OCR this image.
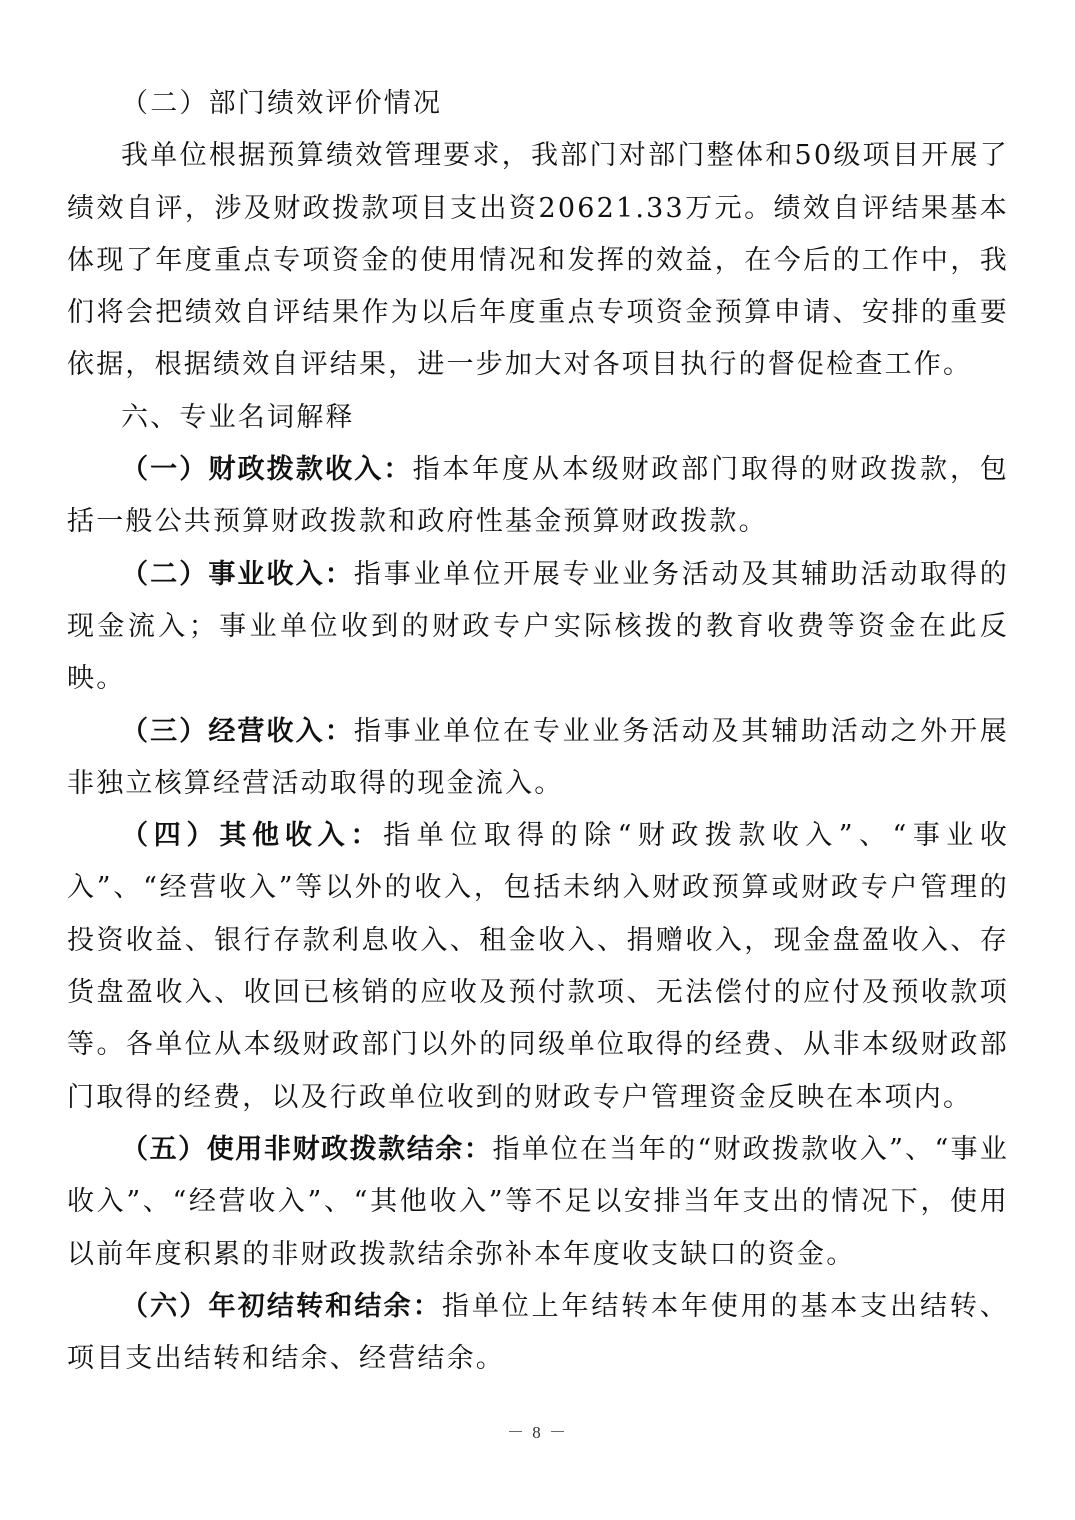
（二）部门绩效评价情况

我单位根据预算绩效管理要求，我部门对部门整体和50级项目开展了绩效自评，涉及财政拨款项目支出资20621.33万元。绩效自评结果基本体现了年度重点专项资金的使用情况和发挥的效益，在今后的工作中，我们将会把绩效自评结果作为以后年度重点专项资金预算申请、安排的重要依据，根据绩效自评结果，进一步加大对各项目执行的督促检查工作。

六、专业名词解释

（一）财政拨款收入：指本年度从本级财政部门取得的财政拨款，包括一般公共预算财政拨款和政府性基金预算财政拨款。

（二）事业收入：指事业单位开展专业业务活动及其辅助活动取得的现金流入；事业单位收到的财政专户实际核拨的教育收费等资金在此反映。

（三）经营收入：指事业单位在专业业务活动及其辅助活动之外开展非独立核算经营活动取得的现金流入。

（四）其他收入：指单位取得的除“财政拨款收入”、“事业收入”、“经营收入”等以外的收入，包括未纳入财政预算或财政专户管理的投资收益、银行存款利息收入、租金收入、捐赠收入，现金盘盈收入、存货盘盈收入、收回已核销的应收及预付款项、无法偿付的应付及预收款项等。各单位从本级财政部门以外的同级单位取得的经费、从非本级财政部门取得的经费，以及行政单位收到的财政专户管理资金反映在本项内。

（五）使用非财政拨款结余：指单位在当年的“财政拨款收入”、“事业收入”、“经营收入”、“其他收入”等不足以安排当年支出的情况下，使用以前年度积累的非财政拨款结余弥补本年度收支缺口的资金。

（六）年初结转和结余：指单位上年结转本年使用的基本支出结转、项目支出结转和结余、经营结余。

－ 8 －
